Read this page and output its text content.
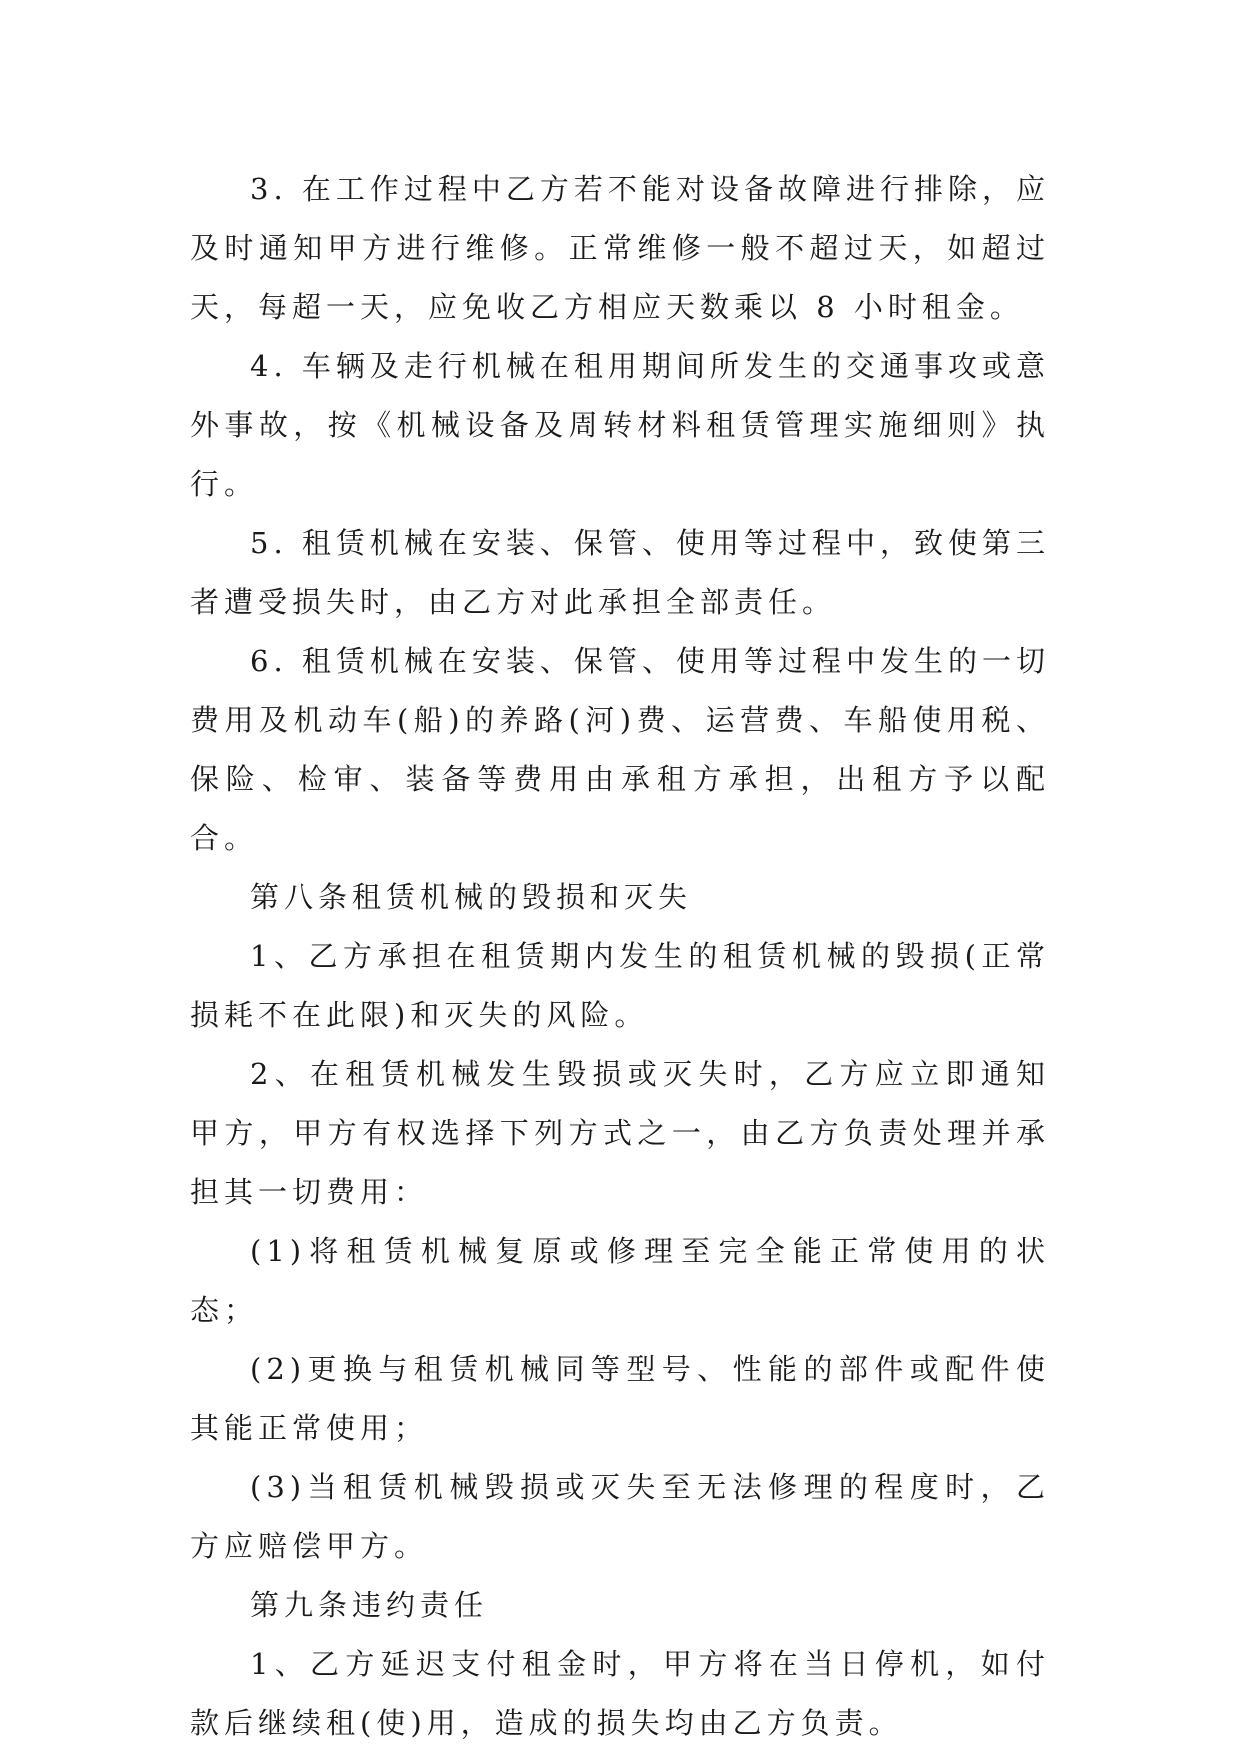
3. 在工作过程中乙方若不能对设备故障进行排除，应及时通知甲方进行维修。正常维修一般不超过天，如超过天，每超一天，应免收乙方相应天数乘以 8 小时租金。

4. 车辆及走行机械在租用期间所发生的交通事攻或意外事故，按《机械设备及周转材料租赁管理实施细则》执行。

5. 租赁机械在安装、保管、使用等过程中，致使第三者遭受损失时，由乙方对此承担全部责任。

6. 租赁机械在安装、保管、使用等过程中发生的一切费用及机动车(船)的养路(河)费、运营费、车船使用税、保险、检审、装备等费用由承租方承担，出租方予以配合。

第八条租赁机械的毁损和灭失

1、乙方承担在租赁期内发生的租赁机械的毁损(正常损耗不在此限)和灭失的风险。

2、在租赁机械发生毁损或灭失时，乙方应立即通知甲方，甲方有权选择下列方式之一，由乙方负责处理并承担其一切费用：

(1)将租赁机械复原或修理至完全能正常使用的状态；

(2)更换与租赁机械同等型号、性能的部件或配件使其能正常使用；

(3)当租赁机械毁损或灭失至无法修理的程度时，乙方应赔偿甲方。

第九条违约责任

1、乙方延迟支付租金时，甲方将在当日停机，如付款后继续租(使)用，造成的损失均由乙方负责。
